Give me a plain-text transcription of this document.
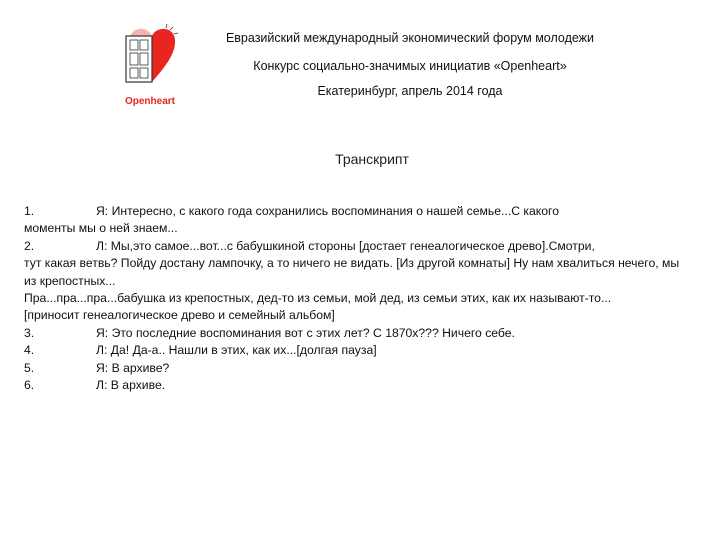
Openheart
Евразийский международный экономический форум молодежи
Конкурс социально-значимых инициатив «Openheart»
Екатеринбург, апрель 2014 года
Транскрипт
1.	Я: Интересно, с какого года сохранились воспоминания о нашей семье...С какого
моменты мы о ней знаем...
2.	Л: Мы,это самое...вот...с бабушкиной стороны [достает генеалогическое древо].Смотри,
тут какая ветвь? Пойду достану лампочку, а то ничего не видать. [Из другой комнаты] Ну нам хвалиться нечего, мы из крепостных...
Пра...пра...пра...бабушка из крепостных, дед-то из семьи, мой дед, из семьи этих, как их называют-то...
[приносит генеалогическое древо и семейный альбом]
3.	Я: Это последние воспоминания вот с этих лет? С 1870х??? Ничего себе.
4.	Л: Да! Да-а.. Нашли в этих, как их...[долгая пауза]
5.	Я: В архиве?
6.	Л: В архиве.
